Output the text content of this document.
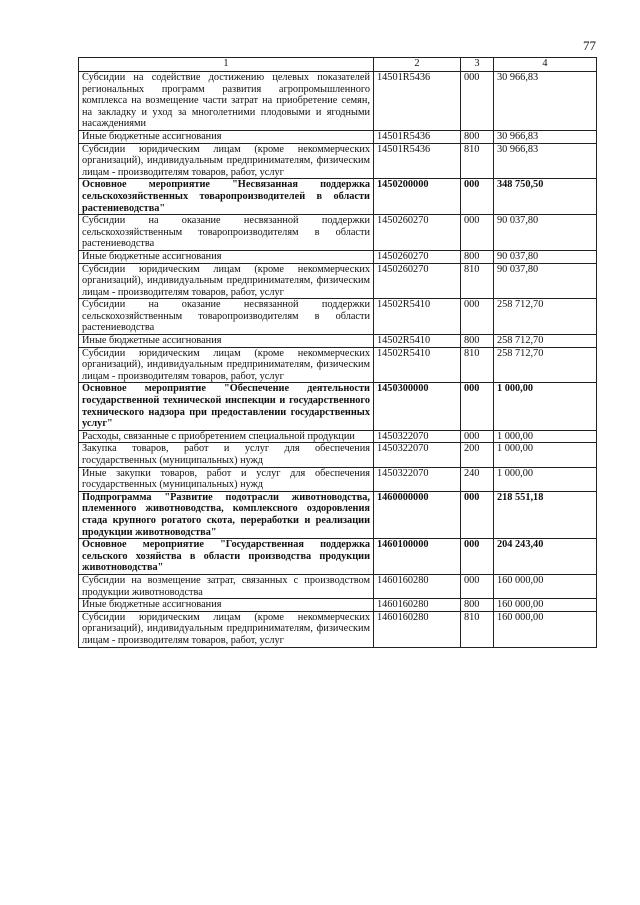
77
1	2	3	4
Субсидии на содействие достижению целевых показателей региональных программ развития агропромышленного комплекса на возмещение части затрат на приобретение семян, на закладку и уход за многолетними плодовыми и ягодными насаждениями	14501R5436	000	30 966,83
Иные бюджетные ассигнования	14501R5436	800	30 966,83
Субсидии юридическим лицам (кроме некоммерческих организаций), индивидуальным предпринимателям, физическим лицам - производителям товаров, работ, услуг	14501R5436	810	30 966,83
Основное мероприятие "Несвязанная поддержка сельскохозяйственных товаропроизводителей в области растениеводства"	1450200000	000	348 750,50
Субсидии на оказание несвязанной поддержки сельскохозяйственным товаропроизводителям в области растениеводства	1450260270	000	90 037,80
Иные бюджетные ассигнования	1450260270	800	90 037,80
Субсидии юридическим лицам (кроме некоммерческих организаций), индивидуальным предпринимателям, физическим лицам - производителям товаров, работ, услуг	1450260270	810	90 037,80
Субсидии на оказание несвязанной поддержки сельскохозяйственным товаропроизводителям в области растениеводства	14502R5410	000	258 712,70
Иные бюджетные ассигнования	14502R5410	800	258 712,70
Субсидии юридическим лицам (кроме некоммерческих организаций), индивидуальным предпринимателям, физическим лицам - производителям товаров, работ, услуг	14502R5410	810	258 712,70
Основное мероприятие "Обеспечение деятельности государственной технической инспекции и государственного технического надзора при предоставлении государственных услуг"	1450300000	000	1 000,00
Расходы, связанные с приобретением специальной продукции	1450322070	000	1 000,00
Закупка товаров, работ и услуг для обеспечения государственных (муниципальных) нужд	1450322070	200	1 000,00
Иные закупки товаров, работ и услуг для обеспечения государственных (муниципальных) нужд	1450322070	240	1 000,00
Подпрограмма "Развитие подотрасли животноводства, племенного животноводства, комплексного оздоровления стада крупного рогатого скота, переработки и реализации продукции животноводства"	1460000000	000	218 551,18
Основное мероприятие "Государственная поддержка сельского хозяйства в области производства продукции животноводства"	1460100000	000	204 243,40
Субсидии на возмещение затрат, связанных с производством продукции животноводства	1460160280	000	160 000,00
Иные бюджетные ассигнования	1460160280	800	160 000,00
Субсидии юридическим лицам (кроме некоммерческих организаций), индивидуальным предпринимателям, физическим лицам - производителям товаров, работ, услуг	1460160280	810	160 000,00
